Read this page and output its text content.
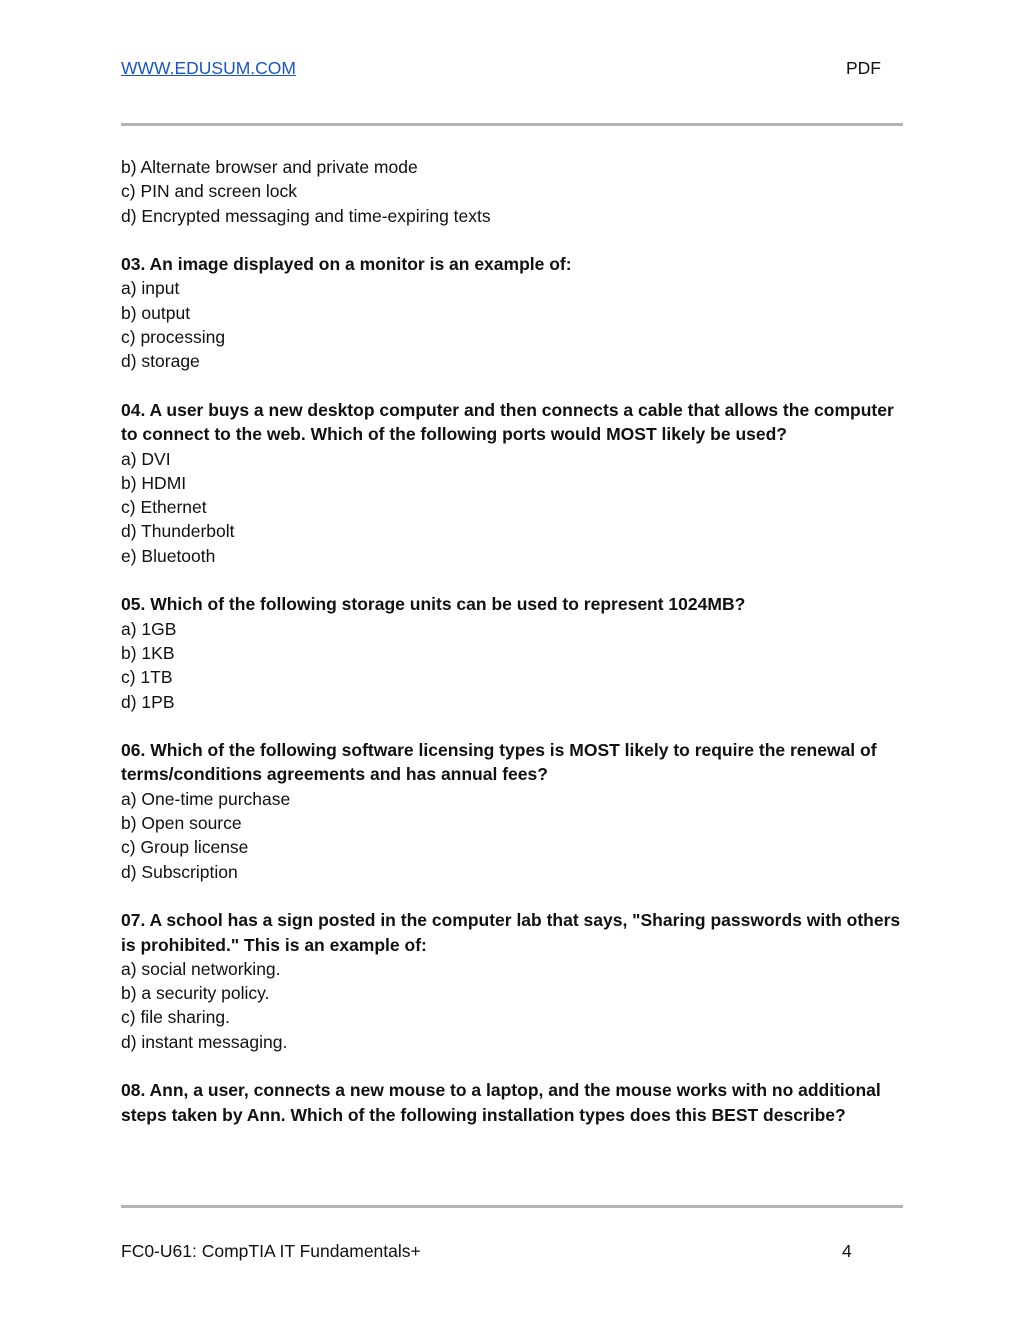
WWW.EDUSUM.COM	PDF
b) Alternate browser and private mode
c) PIN and screen lock
d) Encrypted messaging and time-expiring texts
03. An image displayed on a monitor is an example of:
a) input
b) output
c) processing
d) storage
04. A user buys a new desktop computer and then connects a cable that allows the computer to connect to the web. Which of the following ports would MOST likely be used?
a) DVI
b) HDMI
c) Ethernet
d) Thunderbolt
e) Bluetooth
05. Which of the following storage units can be used to represent 1024MB?
a) 1GB
b) 1KB
c) 1TB
d) 1PB
06. Which of the following software licensing types is MOST likely to require the renewal of terms/conditions agreements and has annual fees?
a) One-time purchase
b) Open source
c) Group license
d) Subscription
07. A school has a sign posted in the computer lab that says, "Sharing passwords with others is prohibited." This is an example of:
a) social networking.
b) a security policy.
c) file sharing.
d) instant messaging.
08. Ann, a user, connects a new mouse to a laptop, and the mouse works with no additional steps taken by Ann. Which of the following installation types does this BEST describe?
FC0-U61: CompTIA IT Fundamentals+	4
